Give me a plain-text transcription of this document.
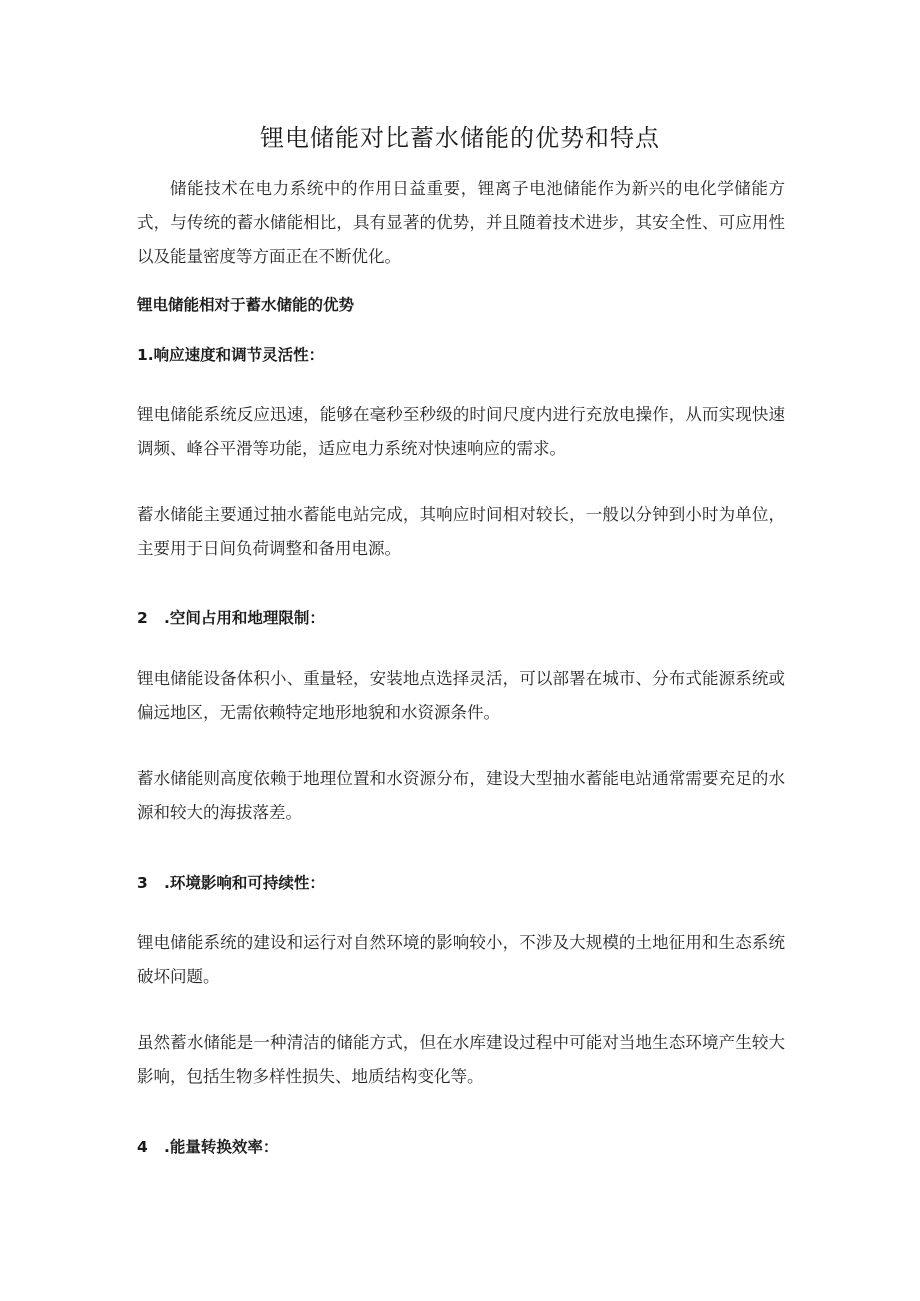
锂电储能对比蓄水储能的优势和特点

储能技术在电力系统中的作用日益重要，锂离子电池储能作为新兴的电化学储能方式，与传统的蓄水储能相比，具有显著的优势，并且随着技术进步，其安全性、可应用性以及能量密度等方面正在不断优化。

锂电储能相对于蓄水储能的优势
1.响应速度和调节灵活性：

锂电储能系统反应迅速，能够在毫秒至秒级的时间尺度内进行充放电操作，从而实现快速调频、峰谷平滑等功能，适应电力系统对快速响应的需求。

蓄水储能主要通过抽水蓄能电站完成，其响应时间相对较长，一般以分钟到小时为单位，主要用于日间负荷调整和备用电源。

2   .空间占用和地理限制：

锂电储能设备体积小、重量轻，安装地点选择灵活，可以部署在城市、分布式能源系统或偏远地区，无需依赖特定地形地貌和水资源条件。

蓄水储能则高度依赖于地理位置和水资源分布，建设大型抽水蓄能电站通常需要充足的水源和较大的海拔落差。

3   .环境影响和可持续性：

锂电储能系统的建设和运行对自然环境的影响较小，不涉及大规模的土地征用和生态系统破坏问题。

虽然蓄水储能是一种清洁的储能方式，但在水库建设过程中可能对当地生态环境产生较大影响，包括生物多样性损失、地质结构变化等。

4   .能量转换效率：
